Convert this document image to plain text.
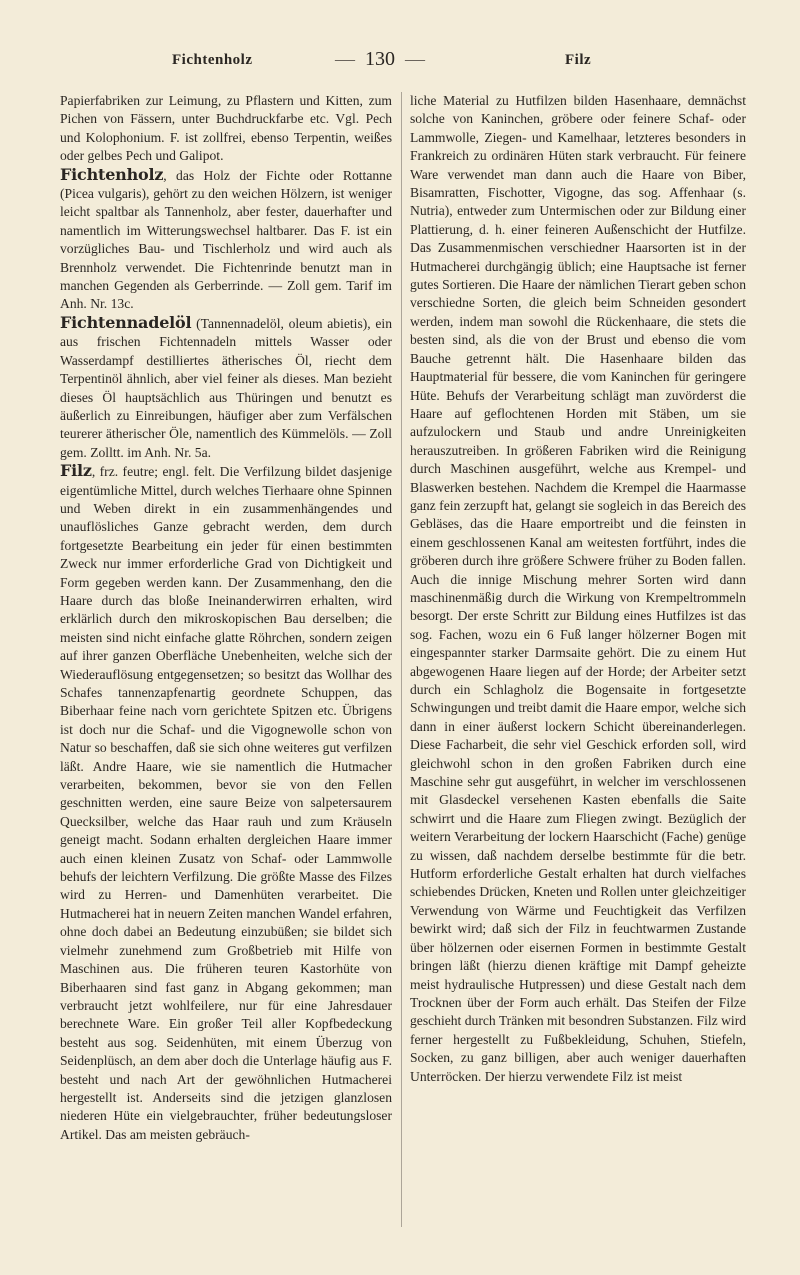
Fichtenholz	—  130  —	Filz

Papierfabriken zur Leimung, zu Pflastern und Kitten, zum Pichen von Fässern, unter Buchdruckfarbe etc. Vgl. Pech und Kolophonium. F. ist zollfrei, ebenso Terpentin, weißes oder gelbes Pech und Galipot.

Fichtenholz, das Holz der Fichte oder Rottanne (Picea vulgaris), gehört zu den weichen Hölzern, ist weniger leicht spaltbar als Tannenholz, aber fester, dauerhafter und namentlich im Witterungswechsel haltbarer. Das F. ist ein vorzügliches Bau- und Tischlerholz und wird auch als Brennholz verwendet. Die Fichtenrinde benutzt man in manchen Gegenden als Gerberrinde. — Zoll gem. Tarif im Anh. Nr. 13c.

Fichtennadelöl (Tannennadelöl, oleum abietis), ein aus frischen Fichtennadeln mittels Wasser oder Wasserdampf destilliertes ätherisches Öl, riecht dem Terpentinöl ähnlich, aber viel feiner als dieses. Man bezieht dieses Öl hauptsächlich aus Thüringen und benutzt es äußerlich zu Einreibungen, häufiger aber zum Verfälschen teurerer ätherischer Öle, namentlich des Kümmelöls. — Zoll gem. Zolltt. im Anh. Nr. 5a.

Filz, frz. feutre; engl. felt. Die Verfilzung bildet dasjenige eigentümliche Mittel, durch welches Tierhaare ohne Spinnen und Weben direkt in ein zusammenhängendes und unauflösliches Ganze gebracht werden, dem durch fortgesetzte Bearbeitung ein jeder für einen bestimmten Zweck nur immer erforderliche Grad von Dichtigkeit und Form gegeben werden kann. Der Zusammenhang, den die Haare durch das bloße Ineinanderwirren erhalten, wird erklärlich durch den mikroskopischen Bau derselben; die meisten sind nicht einfache glatte Röhrchen, sondern zeigen auf ihrer ganzen Oberfläche Unebenheiten, welche sich der Wiederauflösung entgegensetzen; so besitzt das Wollhar des Schafes tannenzapfenartig geordnete Schuppen, das Biberhaar feine nach vorn gerichtete Spitzen etc. Übrigens ist doch nur die Schaf- und die Vigognewolle schon von Natur so beschaffen, daß sie sich ohne weiteres gut verfilzen läßt. Andre Haare, wie sie namentlich die Hutmacher verarbeiten, bekommen, bevor sie von den Fellen geschnitten werden, eine saure Beize von salpetersaurem Quecksilber, welche das Haar rauh und zum Kräuseln geneigt macht. Sodann erhalten dergleichen Haare immer auch einen kleinen Zusatz von Schaf- oder Lammwolle behufs der leichtern Verfilzung. Die größte Masse des Filzes wird zu Herren- und Damenhüten verarbeitet. Die Hutmacherei hat in neuern Zeiten manchen Wandel erfahren, ohne doch dabei an Bedeutung einzubüßen; sie bildet sich vielmehr zunehmend zum Großbetrieb mit Hilfe von Maschinen aus. Die früheren teuren Kastorhüte von Biberhaaren sind fast ganz in Abgang gekommen; man verbraucht jetzt wohlfeilere, nur für eine Jahresdauer berechnete Ware. Ein großer Teil aller Kopfbedeckung besteht aus sog. Seidenhüten, mit einem Überzug von Seidenplüsch, an dem aber doch die Unterlage häufig aus F. besteht und nach Art der gewöhnlichen Hutmacherei hergestellt ist. Anderseits sind die jetzigen glanzlosen niederen Hüte ein vielgebrauchter, früher bedeutungsloser Artikel. Das am meisten gebräuch-

liche Material zu Hutfilzen bilden Hasenhaare, demnächst solche von Kaninchen, gröbere oder feinere Schaf- oder Lammwolle, Ziegen- und Kamelhaar, letzteres besonders in Frankreich zu ordinären Hüten stark verbraucht. Für feinere Ware verwendet man dann auch die Haare von Biber, Bisamratten, Fischotter, Vigogne, das sog. Affenhaar (s. Nutria), entweder zum Untermischen oder zur Bildung einer Plattierung, d. h. einer feineren Außenschicht der Hutfilze. Das Zusammenmischen verschiedner Haarsorten ist in der Hutmacherei durchgängig üblich; eine Hauptsache ist ferner gutes Sortieren. Die Haare der nämlichen Tierart geben schon verschiedne Sorten, die gleich beim Schneiden gesondert werden, indem man sowohl die Rückenhaare, die stets die besten sind, als die von der Brust und ebenso die vom Bauche getrennt hält. Die Hasenhaare bilden das Hauptmaterial für bessere, die vom Kaninchen für geringere Hüte. Behufs der Verarbeitung schlägt man zuvörderst die Haare auf geflochtenen Horden mit Stäben, um sie aufzulockern und Staub und andre Unreinigkeiten herauszutreiben. In größeren Fabriken wird die Reinigung durch Maschinen ausgeführt, welche aus Krempel- und Blaswerken bestehen. Nachdem die Krempel die Haarmasse ganz fein zerzupft hat, gelangt sie sogleich in das Bereich des Gebläses, das die Haare emportreibt und die feinsten in einem geschlossenen Kanal am weitesten fortführt, indes die gröberen durch ihre größere Schwere früher zu Boden fallen. Auch die innige Mischung mehrer Sorten wird dann maschinenmäßig durch die Wirkung von Krempeltrommeln besorgt. Der erste Schritt zur Bildung eines Hutfilzes ist das sog. Fachen, wozu ein 6 Fuß langer hölzerner Bogen mit eingespannter starker Darmsaite gehört. Die zu einem Hut abgewogenen Haare liegen auf der Horde; der Arbeiter setzt durch ein Schlagholz die Bogensaite in fortgesetzte Schwingungen und treibt damit die Haare empor, welche sich dann in einer äußerst lockern Schicht übereinanderlegen. Diese Facharbeit, die sehr viel Geschick erforden soll, wird gleichwohl schon in den großen Fabriken durch eine Maschine sehr gut ausgeführt, in welcher im verschlossenen mit Glasdeckel versehenen Kasten ebenfalls die Saite schwirrt und die Haare zum Fliegen zwingt. Bezüglich der weitern Verarbeitung der lockern Haarschicht (Fache) genüge zu wissen, daß nachdem derselbe bestimmte für die betr. Hutform erforderliche Gestalt erhalten hat durch vielfaches schiebendes Drücken, Kneten und Rollen unter gleichzeitiger Verwendung von Wärme und Feuchtigkeit das Verfilzen bewirkt wird; daß sich der Filz in feuchtwarmen Zustande über hölzernen oder eisernen Formen in bestimmte Gestalt bringen läßt (hierzu dienen kräftige mit Dampf geheizte meist hydraulische Hutpressen) und diese Gestalt nach dem Trocknen über der Form auch erhält. Das Steifen der Filze geschieht durch Tränken mit besondren Substanzen. Filz wird ferner hergestellt zu Fußbekleidung, Schuhen, Stiefeln, Socken, zu ganz billigen, aber auch weniger dauerhaften Unterröcken. Der hierzu verwendete Filz ist meist
